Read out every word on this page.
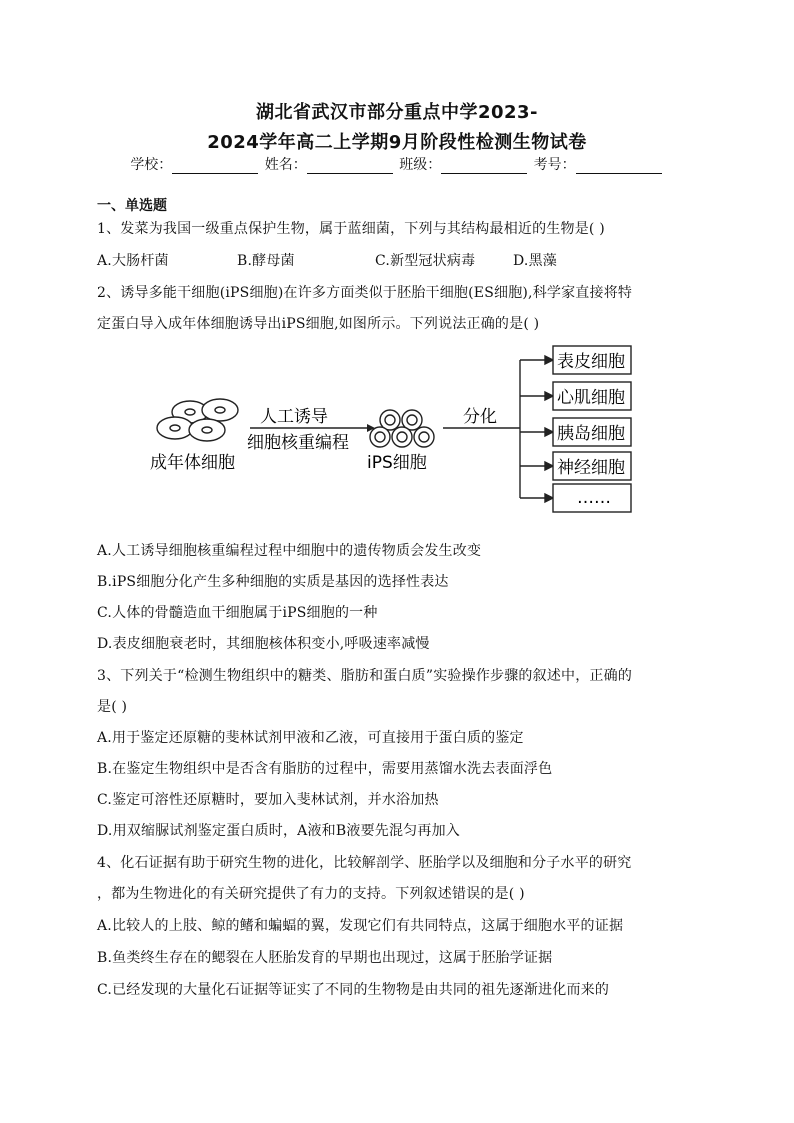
湖北省武汉市部分重点中学2023-
2024学年高二上学期9月阶段性检测生物试卷
学校：	姓名：	班级：	考号：
一、单选题
1、发菜为我国一级重点保护生物，属于蓝细菌，下列与其结构最相近的生物是( )
A.大肠杆菌	B.酵母菌	C.新型冠状病毒	D.黑藻
2、诱导多能干细胞(iPS细胞)在许多方面类似于胚胎干细胞(ES细胞),科学家直接将特
定蛋白导入成年体细胞诱导出iPS细胞,如图所示。下列说法正确的是( )
成年体细胞
人工诱导
细胞核重编程
iPS细胞
分化
表皮细胞
心肌细胞
胰岛细胞
神经细胞
……
A.人工诱导细胞核重编程过程中细胞中的遗传物质会发生改变
B.iPS细胞分化产生多种细胞的实质是基因的选择性表达
C.人体的骨髓造血干细胞属于iPS细胞的一种
D.表皮细胞衰老时，其细胞核体积变小,呼吸速率减慢
3、下列关于“检测生物组织中的糖类、脂肪和蛋白质”实验操作步骤的叙述中，正确的
是( )
A.用于鉴定还原糖的斐林试剂甲液和乙液，可直接用于蛋白质的鉴定
B.在鉴定生物组织中是否含有脂肪的过程中，需要用蒸馏水洗去表面浮色
C.鉴定可溶性还原糖时，要加入斐林试剂，并水浴加热
D.用双缩脲试剂鉴定蛋白质时，A液和B液要先混匀再加入
4、化石证据有助于研究生物的进化，比较解剖学、胚胎学以及细胞和分子水平的研究
，都为生物进化的有关研究提供了有力的支持。下列叙述错误的是( )
A.比较人的上肢、鲸的鳍和蝙蝠的翼，发现它们有共同特点，这属于细胞水平的证据
B.鱼类终生存在的鳃裂在人胚胎发育的早期也出现过，这属于胚胎学证据
C.已经发现的大量化石证据等证实了不同的生物物是由共同的祖先逐渐进化而来的
